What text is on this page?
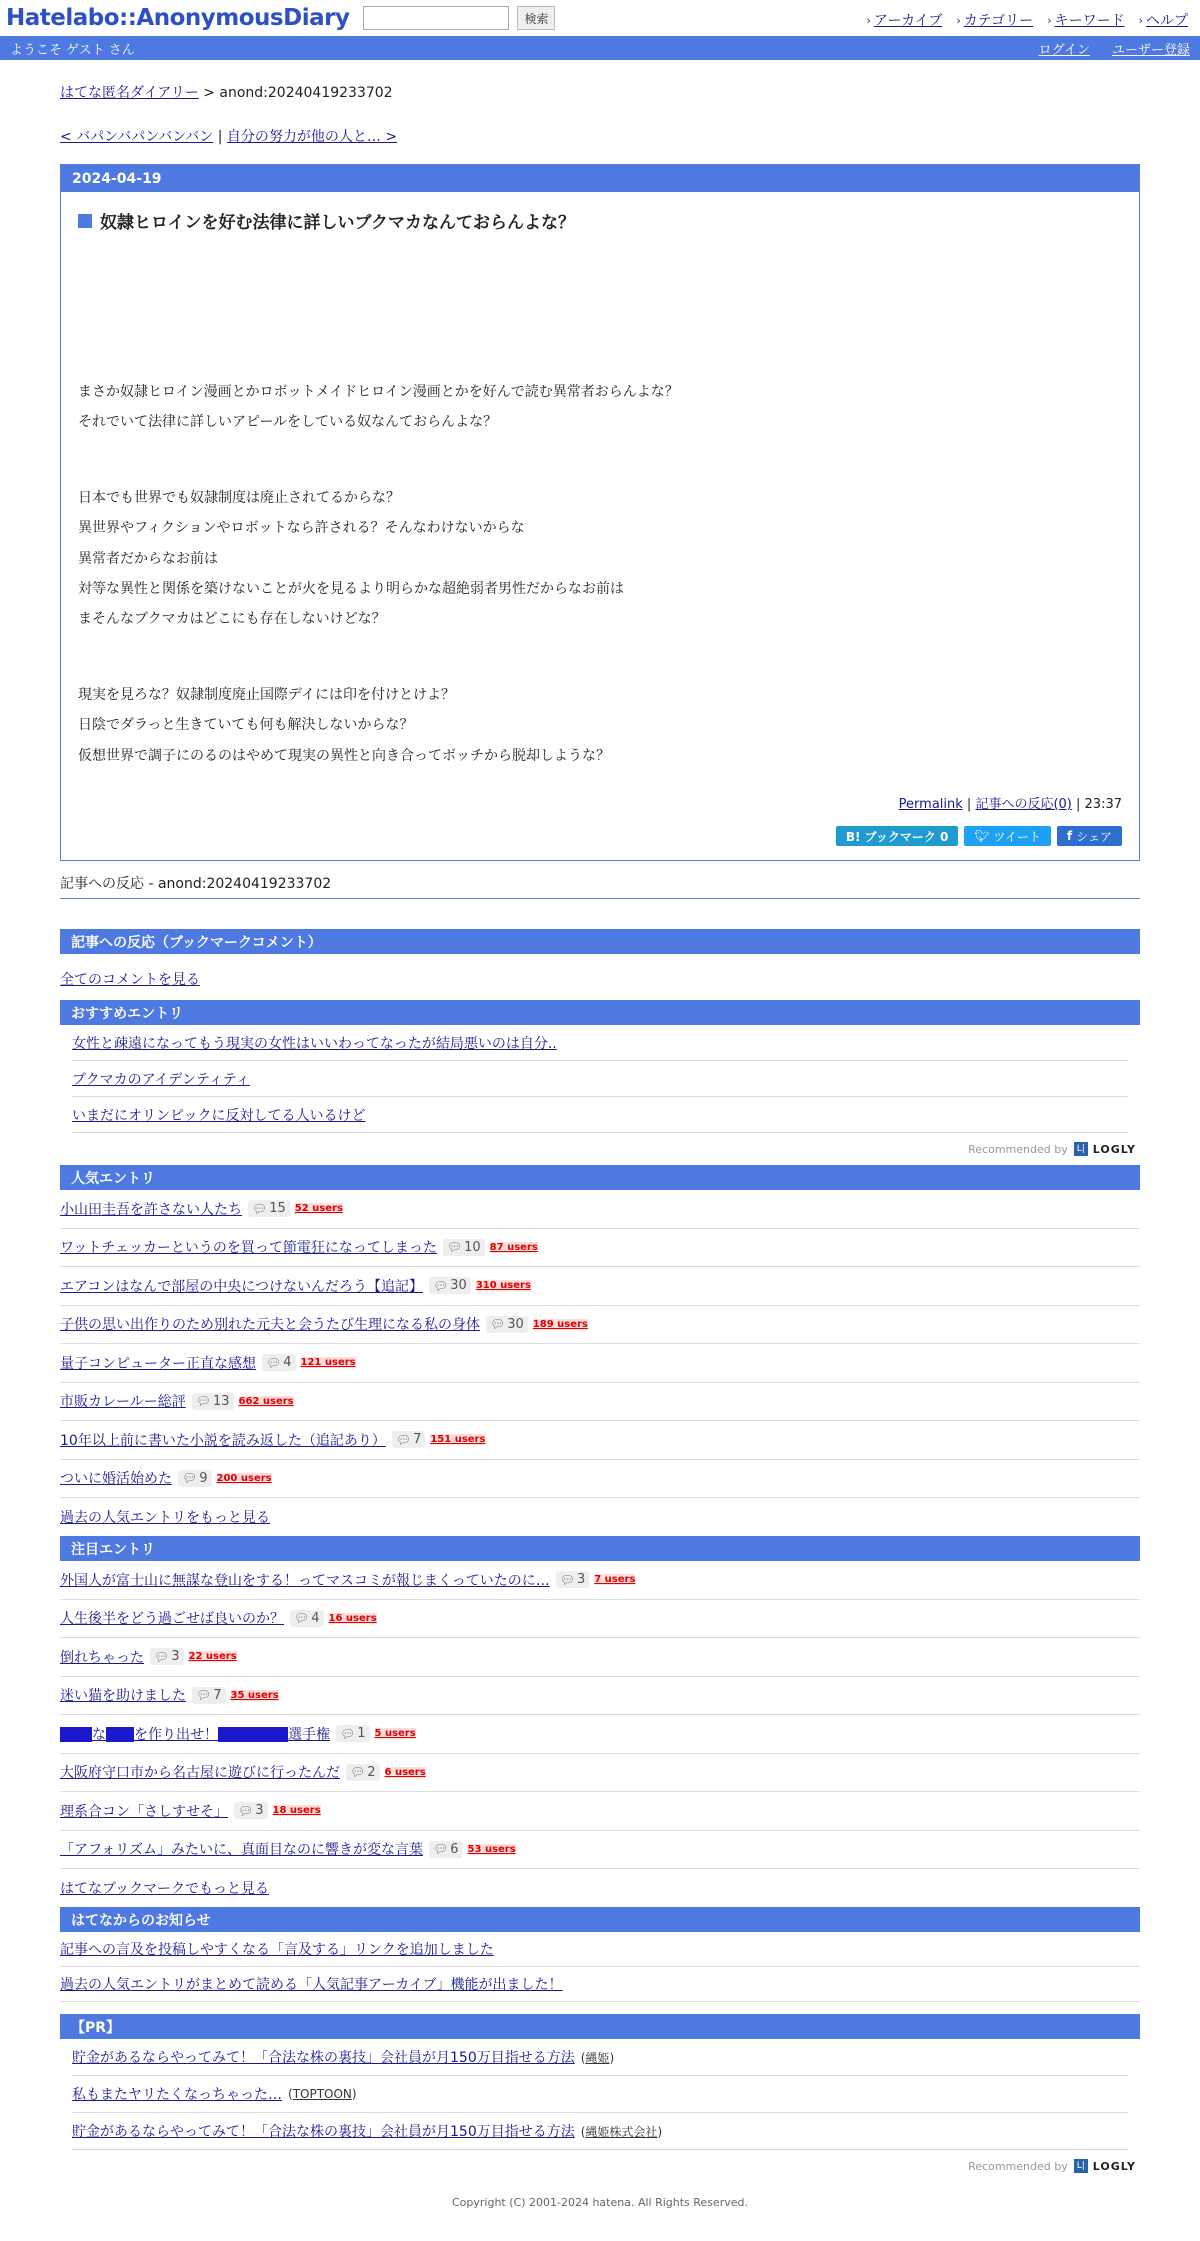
Hatelabo::AnonymousDiary	検索	› アーカイブ › カテゴリー › キーワード › ヘルプ
ようこそ ゲスト さん	ログイン ユーザー登録
はてな匿名ダイアリー > anond:20240419233702
< バパンバパンバンバン | 自分の努力が他の人と… >
2024-04-19
奴隷ヒロインを好む法律に詳しいブクマカなんておらんよな？
まさか奴隷ヒロイン漫画とかロボットメイドヒロイン漫画とかを好んで読む異常者おらんよな？
それでいて法律に詳しいアピールをしている奴なんておらんよな？
日本でも世界でも奴隷制度は廃止されてるからな？
異世界やフィクションやロボットなら許される？そんなわけないからな
異常者だからなお前は
対等な異性と関係を築けないことが火を見るより明らかな超絶弱者男性だからなお前は
まそんなブクマカはどこにも存在しないけどな？
現実を見ろな？奴隷制度廃止国際デイには印を付けとけよ？
日陰でダラっと生きていても何も解決しないからな？
仮想世界で調子にのるのはやめて現実の異性と向き合ってボッチから脱却しような？
Permalink | 記事への反応(0) | 23:37
B! ブックマーク 0	🐦︎ ツイート f シェア
記事への反応 - anond:20240419233702
記事への反応（ブックマークコメント）
全てのコメントを見る
おすすめエントリ
女性と疎遠になってもう現実の女性はいいわってなったが結局悪いのは自分..
ブクマカのアイデンティティ
いまだにオリンピックに反対してる人いるけど
Recommended by L| LOGLY
人気エントリ
小山田圭吾を許さない人たち 💬︎ 15 52 users
ワットチェッカーというのを買って節電狂になってしまった 💬︎ 10 87 users
エアコンはなんで部屋の中央につけないんだろう【追記】 💬︎ 30 310 users
子供の思い出作りのため別れた元夫と会うたび生理になる私の身体 💬︎ 30 189 users
量子コンピューター正直な感想 💬︎ 4 121 users
市販カレールー総評 💬︎ 13 662 users
10年以上前に書いた小説を読み返した（追記あり） 💬︎ 7 151 users
ついに婚活始めた 💬︎ 9 200 users
過去の人気エントリをもっと見る
注目エントリ
外国人が富士山に無謀な登山をする！ってマスコミが報じまくっていたのに… 💬︎ 3 7 users
人生後半をどう過ごせば良いのか？ 💬︎ 4 16 users
倒れちゃった 💬︎ 3 22 users
迷い猫を助けました 💬︎ 7 35 users
な を作り出せ！	選手権 💬︎ 1 5 users
大阪府守口市から名古屋に遊びに行ったんだ 💬︎ 2 6 users
理系合コン「さしすせそ」 💬︎ 3 18 users
「アフォリズム」みたいに、真面目なのに響きが変な言葉 💬︎ 6 53 users
はてなブックマークでもっと見る
はてなからのお知らせ
記事への言及を投稿しやすくなる「言及する」リンクを追加しました
過去の人気エントリがまとめて読める「人気記事アーカイブ」機能が出ました！
【PR】
貯金があるならやってみて！「合法な株の裏技」会社員が月150万目指せる方法 (縄姫)
私もまたヤリたくなっちゃった… (TOPTOON)
貯金があるならやってみて！「合法な株の裏技」会社員が月150万目指せる方法 (縄姫株式会社)
Recommended by L| LOGLY
Copyright (C) 2001-2024 hatena. All Rights Reserved.
